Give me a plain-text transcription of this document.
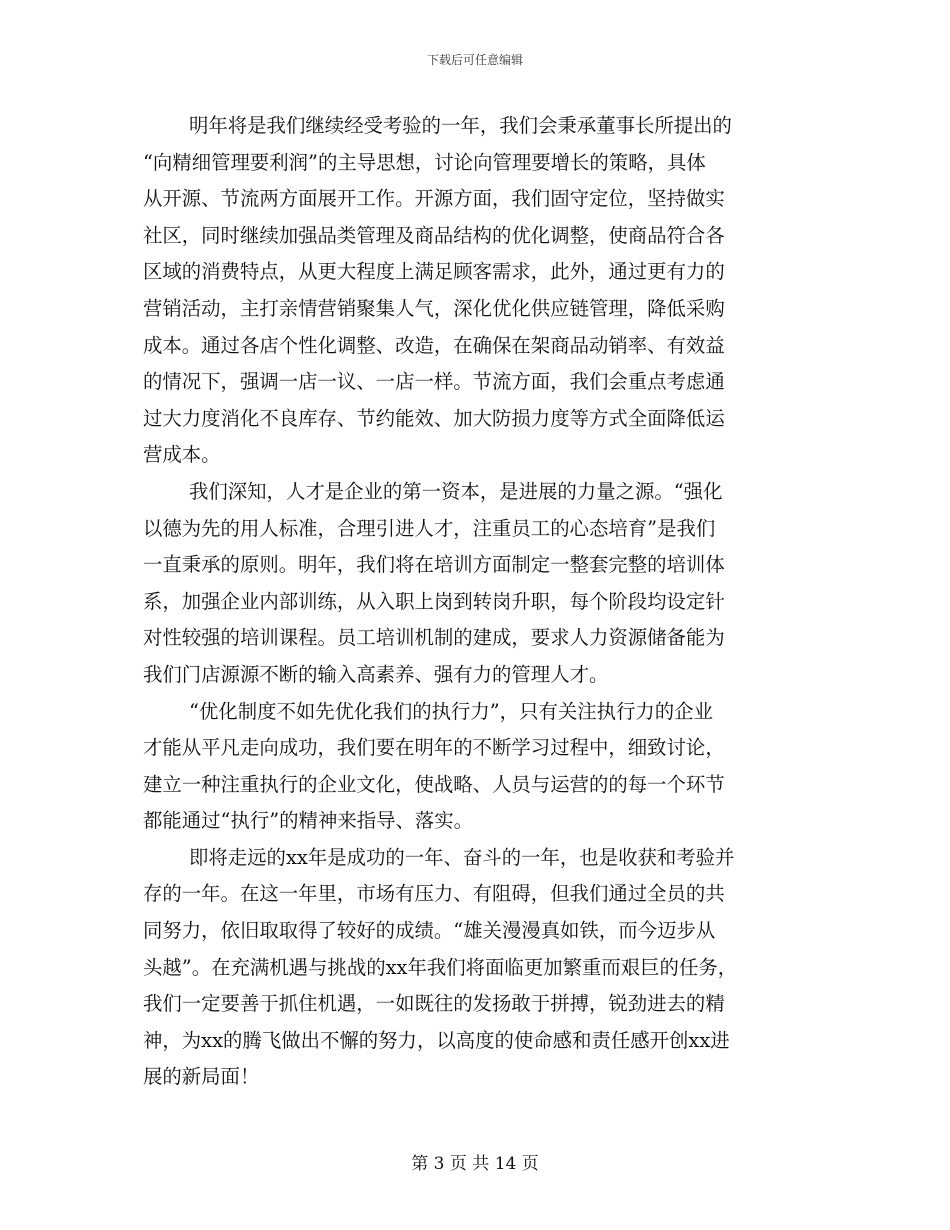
下载后可任意编辑
明年将是我们继续经受考验的一年，我们会秉承董事长所提出的
“向精细管理要利润”的主导思想，讨论向管理要增长的策略，具体
从开源、节流两方面展开工作。开源方面，我们固守定位，坚持做实
社区，同时继续加强品类管理及商品结构的优化调整，使商品符合各
区域的消费特点，从更大程度上满足顾客需求，此外，通过更有力的
营销活动，主打亲情营销聚集人气，深化优化供应链管理，降低采购
成本。通过各店个性化调整、改造，在确保在架商品动销率、有效益
的情况下，强调一店一议、一店一样。节流方面，我们会重点考虑通
过大力度消化不良库存、节约能效、加大防损力度等方式全面降低运
营成本。
我们深知，人才是企业的第一资本，是进展的力量之源。“强化
以德为先的用人标准，合理引进人才，注重员工的心态培育”是我们
一直秉承的原则。明年，我们将在培训方面制定一整套完整的培训体
系，加强企业内部训练，从入职上岗到转岗升职，每个阶段均设定针
对性较强的培训课程。员工培训机制的建成，要求人力资源储备能为
我们门店源源不断的输入高素养、强有力的管理人才。
“优化制度不如先优化我们的执行力”，只有关注执行力的企业
才能从平凡走向成功，我们要在明年的不断学习过程中，细致讨论，
建立一种注重执行的企业文化，使战略、人员与运营的的每一个环节
都能通过“执行”的精神来指导、落实。
即将走远的xx年是成功的一年、奋斗的一年，也是收获和考验并
存的一年。在这一年里，市场有压力、有阻碍，但我们通过全员的共
同努力，依旧取取得了较好的成绩。“雄关漫漫真如铁，而今迈步从
头越”。在充满机遇与挑战的xx年我们将面临更加繁重而艰巨的任务，
我们一定要善于抓住机遇，一如既往的发扬敢于拼搏，锐劲进去的精
神，为xx的腾飞做出不懈的努力，以高度的使命感和责任感开创xx进
展的新局面！
第 3 页 共 14 页
